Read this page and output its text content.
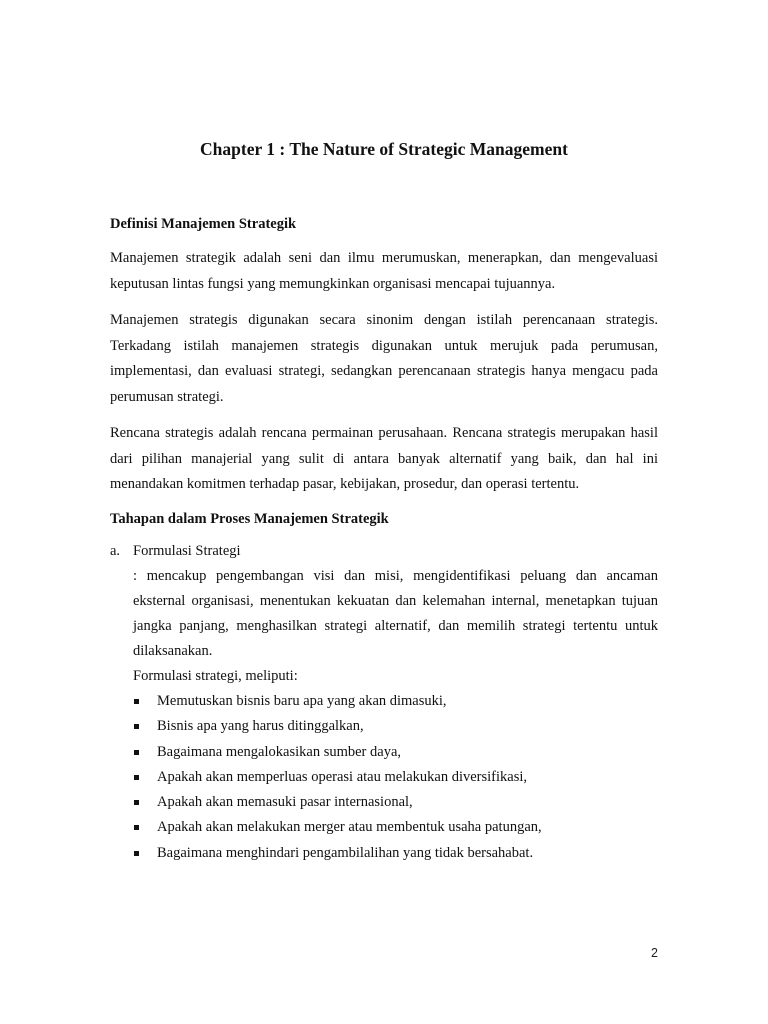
Chapter 1 : The Nature of Strategic Management
Definisi Manajemen Strategik

Manajemen strategik adalah seni dan ilmu merumuskan, menerapkan, dan mengevaluasi keputusan lintas fungsi yang memungkinkan organisasi mencapai tujuannya.

Manajemen strategis digunakan secara sinonim dengan istilah perencanaan strategis. Terkadang istilah manajemen strategis digunakan untuk merujuk pada perumusan, implementasi, dan evaluasi strategi, sedangkan perencanaan strategis hanya mengacu pada perumusan strategi.

Rencana strategis adalah rencana permainan perusahaan. Rencana strategis merupakan hasil dari pilihan manajerial yang sulit di antara banyak alternatif yang baik, dan hal ini menandakan komitmen terhadap pasar, kebijakan, prosedur, dan operasi tertentu.

Tahapan dalam Proses Manajemen Strategik
a. Formulasi Strategi

: mencakup pengembangan visi dan misi, mengidentifikasi peluang dan ancaman eksternal organisasi, menentukan kekuatan dan kelemahan internal, menetapkan tujuan jangka panjang, menghasilkan strategi alternatif, dan memilih strategi tertentu untuk dilaksanakan.

Formulasi strategi, meliputi:

Memutuskan bisnis baru apa yang akan dimasuki,
Bisnis apa yang harus ditinggalkan,
Bagaimana mengalokasikan sumber daya,
Apakah akan memperluas operasi atau melakukan diversifikasi,
Apakah akan memasuki pasar internasional,
Apakah akan melakukan merger atau membentuk usaha patungan,
Bagaimana menghindari pengambilalihan yang tidak bersahabat.
2
